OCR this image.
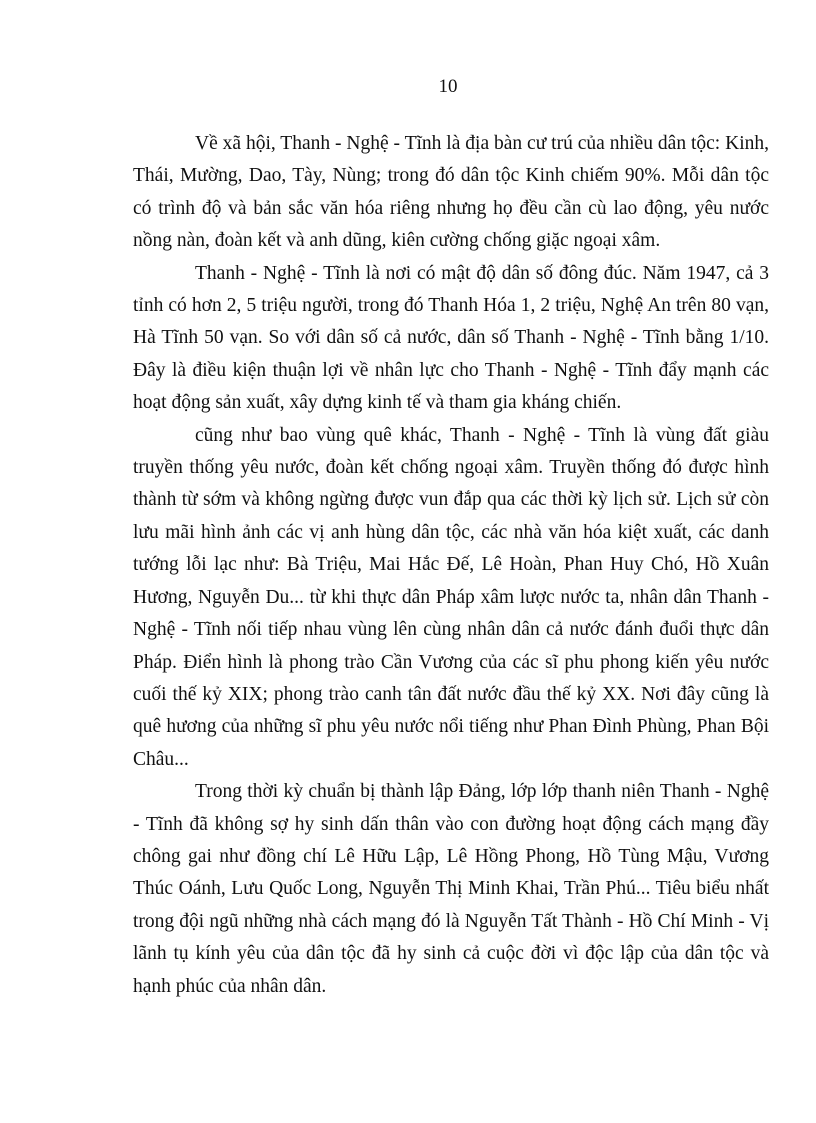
10

Về xã hội, Thanh - Nghệ - Tĩnh là địa bàn cư trú của nhiều dân tộc: Kinh, Thái, Mường, Dao, Tày, Nùng; trong đó dân tộc Kinh chiếm 90%. Mỗi dân tộc có trình độ và bản sắc văn hóa riêng nhưng họ đều cần cù lao động, yêu nước nồng nàn, đoàn kết và anh dũng, kiên cường chống giặc ngoại xâm.

Thanh - Nghệ - Tĩnh là nơi có mật độ dân số đông đúc. Năm 1947, cả 3 tỉnh có hơn 2, 5 triệu người, trong đó Thanh Hóa 1, 2 triệu, Nghệ An trên 80 vạn, Hà Tĩnh 50 vạn. So với dân số cả nước, dân số Thanh - Nghệ - Tĩnh bằng 1/10. Đây là điều kiện thuận lợi về nhân lực cho Thanh - Nghệ - Tĩnh đẩy mạnh các hoạt động sản xuất, xây dựng kinh tế và tham gia kháng chiến.

cũng như bao vùng quê khác, Thanh - Nghệ - Tĩnh là vùng đất giàu truyền thống yêu nước, đoàn kết chống ngoại xâm. Truyền thống đó được hình thành từ sớm và không ngừng được vun đắp qua các thời kỳ lịch sử. Lịch sử còn lưu mãi hình ảnh các vị anh hùng dân tộc, các nhà văn hóa kiệt xuất, các danh tướng lỗi lạc như: Bà Triệu, Mai Hắc Đế, Lê Hoàn, Phan Huy Chó, Hồ Xuân Hương, Nguyễn Du... từ khi thực dân Pháp xâm lược nước ta, nhân dân Thanh - Nghệ - Tĩnh nối tiếp nhau vùng lên cùng nhân dân cả nước đánh đuổi thực dân Pháp. Điển hình là phong trào Cần Vương của các sĩ phu phong kiến yêu nước cuối thế kỷ XIX; phong trào canh tân đất nước đầu thế kỷ XX. Nơi đây cũng là quê hương của những sĩ phu yêu nước nổi tiếng như Phan Đình Phùng, Phan Bội Châu...

Trong thời kỳ chuẩn bị thành lập Đảng, lớp lớp thanh niên Thanh - Nghệ - Tĩnh đã không sợ hy sinh dấn thân vào con đường hoạt động cách mạng đầy chông gai như đồng chí Lê Hữu Lập, Lê Hồng Phong, Hồ Tùng Mậu, Vương Thúc Oánh, Lưu Quốc Long, Nguyễn Thị Minh Khai, Trần Phú... Tiêu biểu nhất trong đội ngũ những nhà cách mạng đó là Nguyễn Tất Thành - Hồ Chí Minh - Vị lãnh tụ kính yêu của dân tộc đã hy sinh cả cuộc đời vì độc lập của dân tộc và hạnh phúc của nhân dân.
